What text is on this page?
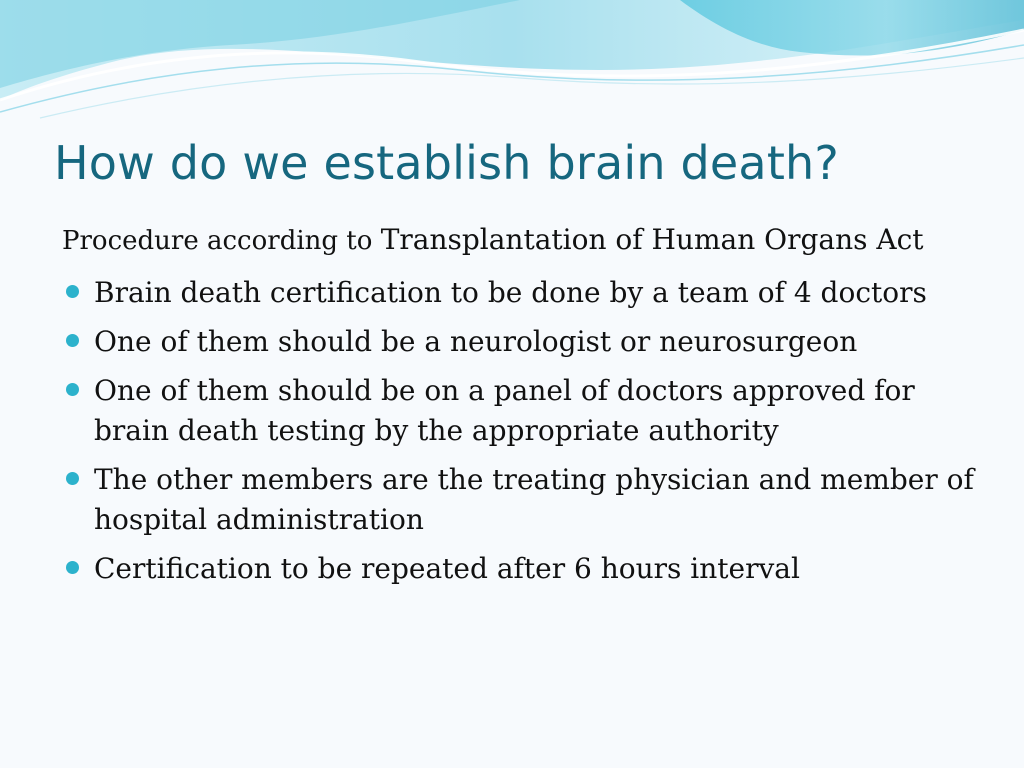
How do we establish brain death?

Procedure according to Transplantation of Human Organs Act

Brain death certification to be done by a team of 4 doctors
One of them should be a neurologist or neurosurgeon
One of them should be on a panel of doctors approved for brain death testing by the appropriate authority
The other members are the treating physician and member of hospital administration
Certification to be repeated after 6 hours interval
